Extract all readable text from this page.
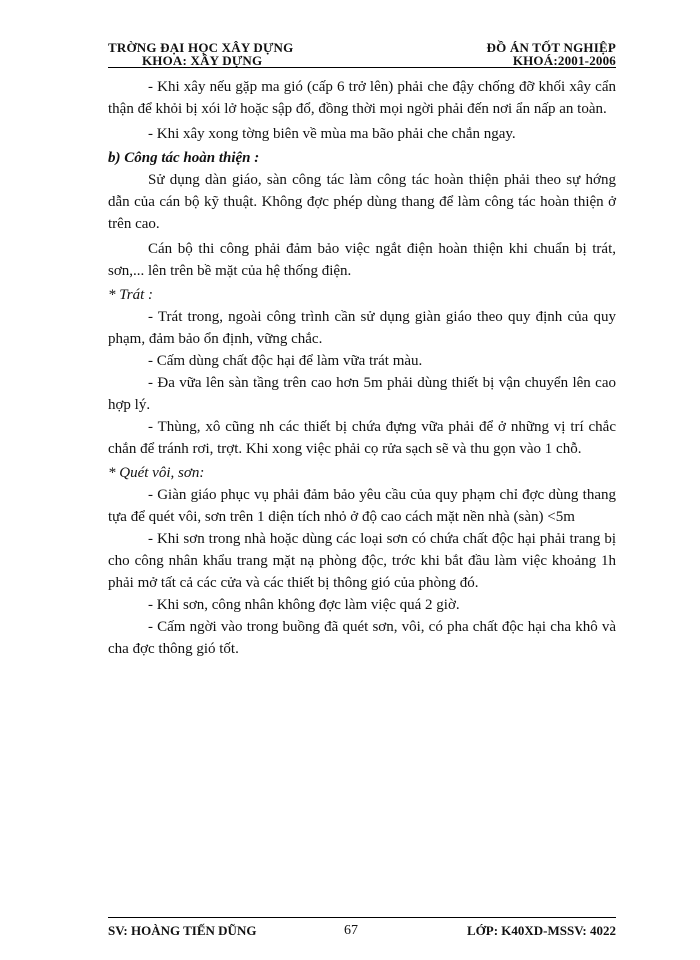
TRỜNG ĐẠI HỌC XÂY DỰNG
KHOA: XÂY DỰNG
ĐỒ ÁN TỐT NGHIỆP
KHOÁ:2001-2006

- Khi xây nếu gặp ma gió (cấp 6 trở lên) phải che đậy chống đỡ khối xây cẩn thận để khỏi bị xói lở hoặc sập đổ, đồng thời mọi ngời phải đến nơi ẩn nấp an toàn.

- Khi xây xong tờng biên về mùa ma bão phải che chắn ngay.

b) Công tác hoàn thiện :

Sử dụng dàn giáo, sàn công tác làm công tác hoàn thiện phải theo sự hớng dẫn của cán bộ kỹ thuật. Không đợc phép dùng thang để làm công tác hoàn thiện ở trên cao.

Cán bộ thi công phải đảm bảo việc ngắt điện hoàn thiện khi chuẩn bị trát, sơn,... lên trên bề mặt của hệ thống điện.

* Trát :

- Trát trong, ngoài công trình cần sử dụng giàn giáo theo quy định của quy phạm, đảm bảo ổn định, vững chắc.

- Cấm dùng chất độc hại để làm vữa trát màu.

- Đa vữa lên sàn tầng trên cao hơn 5m phải dùng thiết bị vận chuyển lên cao hợp lý.

- Thùng, xô cũng nh các thiết bị chứa đựng vữa phải để ở những vị trí chắc chắn để tránh rơi, trợt. Khi xong việc phải cọ rửa sạch sẽ và thu gọn vào 1 chỗ.

* Quét vôi, sơn:

- Giàn giáo phục vụ phải đảm bảo yêu cầu của quy phạm chỉ đợc dùng thang tựa để quét vôi, sơn trên 1 diện tích nhỏ ở độ cao cách mặt nền nhà (sàn) <5m

- Khi sơn trong nhà hoặc dùng các loại sơn có chứa chất độc hại phải trang bị cho công nhân khẩu trang mặt nạ phòng độc, trớc khi bắt đầu làm việc khoảng 1h phải mở tất cả các cửa và các thiết bị thông gió của phòng đó.

- Khi sơn, công nhân không đợc làm việc quá 2 giờ.

- Cấm ngời vào trong buồng đã quét sơn, vôi, có pha chất độc hại cha khô và cha đợc thông gió tốt.

SV: HOÀNG TIẾN DŨNG	67	LỚP: K40XD-MSSV: 4022
